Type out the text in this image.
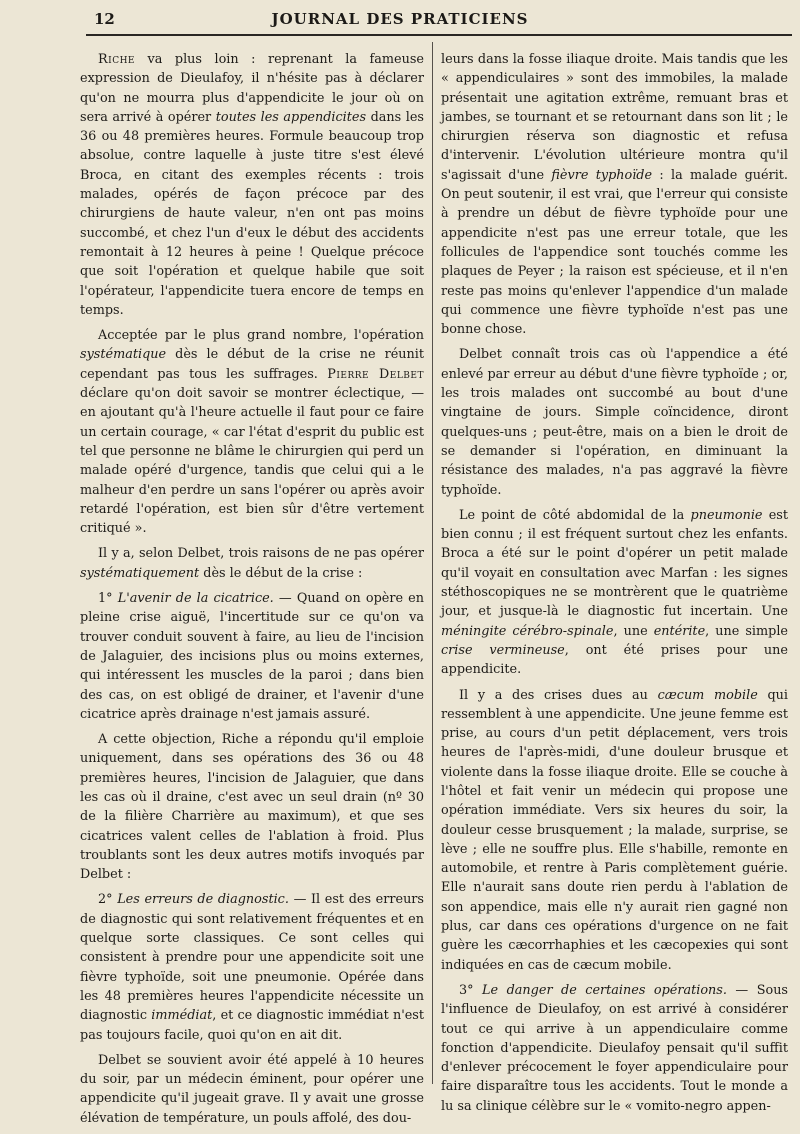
12	JOURNAL DES PRATICIENS

Riche va plus loin : reprenant la fameuse expression de Dieulafoy, il n'hésite pas à déclarer qu'on ne mourra plus d'appendicite le jour où on sera arrivé à opérer toutes les appendicites dans les 36 ou 48 premières heures. Formule beaucoup trop absolue, contre laquelle à juste titre s'est élevé Broca, en citant des exemples récents : trois malades, opérés de façon précoce par des chirurgiens de haute valeur, n'en ont pas moins succombé, et chez l'un d'eux le début des accidents remontait à 12 heures à peine ! Quelque précoce que soit l'opération et quelque habile que soit l'opérateur, l'appendicite tuera encore de temps en temps.

Acceptée par le plus grand nombre, l'opération systématique dès le début de la crise ne réunit cependant pas tous les suffrages. Pierre Delbet déclare qu'on doit savoir se montrer éclectique, — en ajoutant qu'à l'heure actuelle il faut pour ce faire un certain courage, « car l'état d'esprit du public est tel que personne ne blâme le chirurgien qui perd un malade opéré d'urgence, tandis que celui qui a le malheur d'en perdre un sans l'opérer ou après avoir retardé l'opération, est bien sûr d'être vertement critiqué ».

Il y a, selon Delbet, trois raisons de ne pas opérer systématiquement dès le début de la crise :

1° L'avenir de la cicatrice. — Quand on opère en pleine crise aiguë, l'incertitude sur ce qu'on va trouver conduit souvent à faire, au lieu de l'incision de Jalaguier, des incisions plus ou moins externes, qui intéressent les muscles de la paroi ; dans bien des cas, on est obligé de drainer, et l'avenir d'une cicatrice après drainage n'est jamais assuré.

A cette objection, Riche a répondu qu'il emploie uniquement, dans ses opérations des 36 ou 48 premières heures, l'incision de Jalaguier, que dans les cas où il draine, c'est avec un seul drain (nº 30 de la filière Charrière au maximum), et que ses cicatrices valent celles de l'ablation à froid. Plus troublants sont les deux autres motifs invoqués par Delbet :

2° Les erreurs de diagnostic. — Il est des erreurs de diagnostic qui sont relativement fréquentes et en quelque sorte classiques. Ce sont celles qui consistent à prendre pour une appendicite soit une fièvre typhoïde, soit une pneumonie. Opérée dans les 48 premières heures l'appendicite nécessite un diagnostic immédiat, et ce diagnostic immédiat n'est pas toujours facile, quoi qu'on en ait dit.

Delbet se souvient avoir été appelé à 10 heures du soir, par un médecin éminent, pour opérer une appendicite qu'il jugeait grave. Il y avait une grosse élévation de température, un pouls affolé, des dou-

leurs dans la fosse iliaque droite. Mais tandis que les « appendiculaires » sont des immobiles, la malade présentait une agitation extrême, remuant bras et jambes, se tournant et se retournant dans son lit ; le chirurgien réserva son diagnostic et refusa d'intervenir. L'évolution ultérieure montra qu'il s'agissait d'une fièvre typhoïde : la malade guérit. On peut soutenir, il est vrai, que l'erreur qui consiste à prendre un début de fièvre typhoïde pour une appendicite n'est pas une erreur totale, que les follicules de l'appendice sont touchés comme les plaques de Peyer ; la raison est spécieuse, et il n'en reste pas moins qu'enlever l'appendice d'un malade qui commence une fièvre typhoïde n'est pas une bonne chose.

Delbet connaît trois cas où l'appendice a été enlevé par erreur au début d'une fièvre typhoïde ; or, les trois malades ont succombé au bout d'une vingtaine de jours. Simple coïncidence, diront quelques-uns ; peut-être, mais on a bien le droit de se demander si l'opération, en diminuant la résistance des malades, n'a pas aggravé la fièvre typhoïde.

Le point de côté abdomidal de la pneumonie est bien connu ; il est fréquent surtout chez les enfants. Broca a été sur le point d'opérer un petit malade qu'il voyait en consultation avec Marfan : les signes stéthoscopiques ne se montrèrent que le quatrième jour, et jusque-là le diagnostic fut incertain. Une méningite cérébro-spinale, une entérite, une simple crise vermineuse, ont été prises pour une appendicite.

Il y a des crises dues au cæcum mobile qui ressemblent à une appendicite. Une jeune femme est prise, au cours d'un petit déplacement, vers trois heures de l'après-midi, d'une douleur brusque et violente dans la fosse iliaque droite. Elle se couche à l'hôtel et fait venir un médecin qui propose une opération immédiate. Vers six heures du soir, la douleur cesse brusquement ; la malade, surprise, se lève ; elle ne souffre plus. Elle s'habille, remonte en automobile, et rentre à Paris complètement guérie. Elle n'aurait sans doute rien perdu à l'ablation de son appendice, mais elle n'y aurait rien gagné non plus, car dans ces opérations d'urgence on ne fait guère les cæcorrhaphies et les cæcopexies qui sont indiquées en cas de cæcum mobile.

3° Le danger de certaines opérations. — Sous l'influence de Dieulafoy, on est arrivé à considérer tout ce qui arrive à un appendiculaire comme fonction d'appendicite. Dieulafoy pensait qu'il suffit d'enlever précocement le foyer appendiculaire pour faire disparaître tous les accidents. Tout le monde a lu sa clinique célèbre sur le « vomito-negro appen-
